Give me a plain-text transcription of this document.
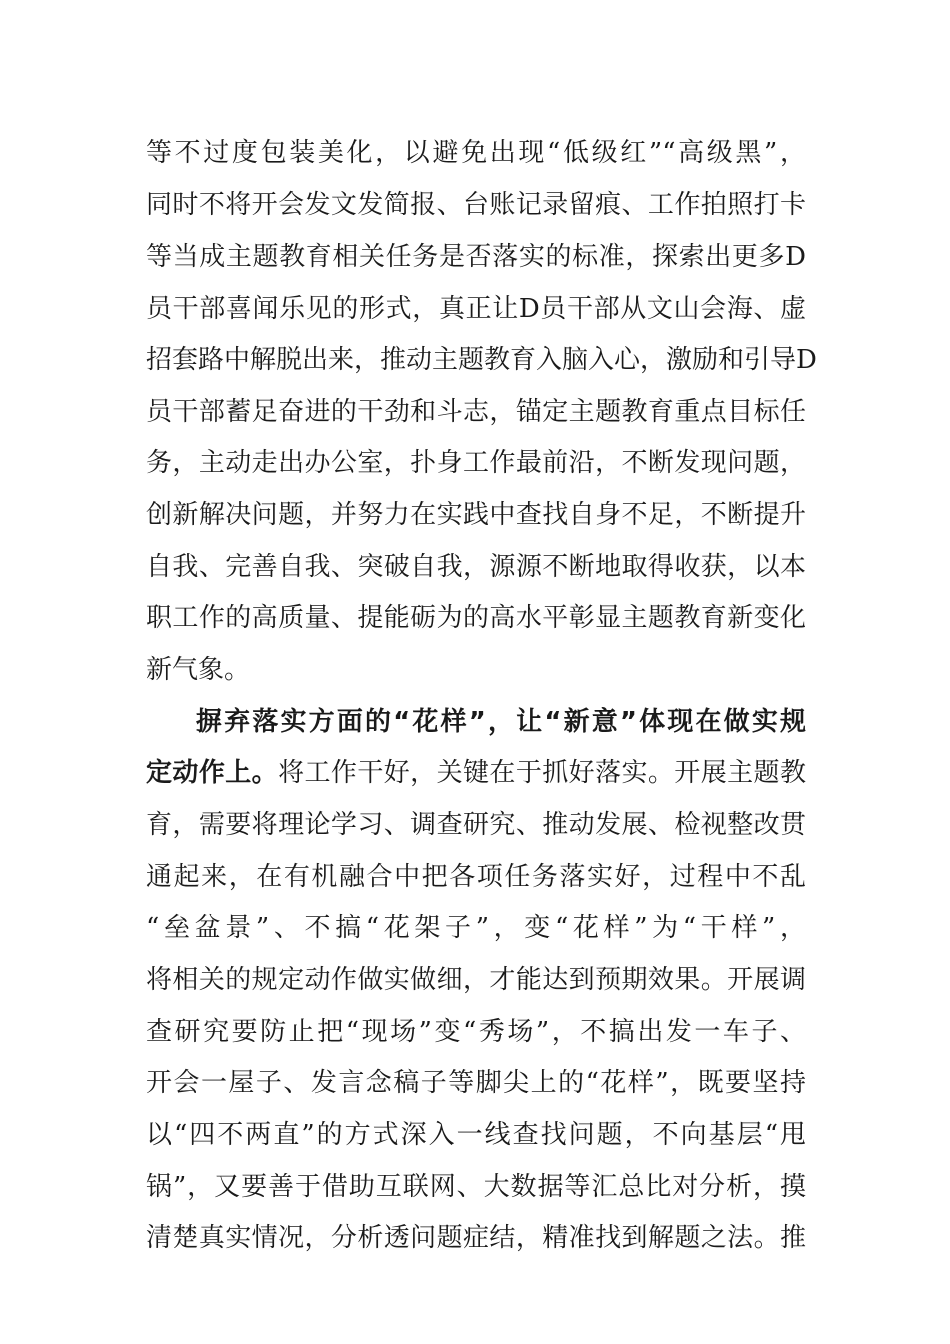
等不过度包装美化，以避免出现“低级红”“高级黑”，
同时不将开会发文发简报、台账记录留痕、工作拍照打卡
等当成主题教育相关任务是否落实的标准，探索出更多D
员干部喜闻乐见的形式，真正让D员干部从文山会海、虚
招套路中解脱出来，推动主题教育入脑入心，激励和引导D
员干部蓄足奋进的干劲和斗志，锚定主题教育重点目标任
务，主动走出办公室，扑身工作最前沿，不断发现问题，
创新解决问题，并努力在实践中查找自身不足，不断提升
自我、完善自我、突破自我，源源不断地取得收获，以本
职工作的高质量、提能砺为的高水平彰显主题教育新变化
新气象。
摒弃落实方面的“花样”，让“新意”体现在做实规
定动作上。将工作干好，关键在于抓好落实。开展主题教
育，需要将理论学习、调查研究、推动发展、检视整改贯
通起来，在有机融合中把各项任务落实好，过程中不乱
“垒盆景”、不搞“花架子”，变“花样”为“干样”，
将相关的规定动作做实做细，才能达到预期效果。开展调
查研究要防止把“现场”变“秀场”，不搞出发一车子、
开会一屋子、发言念稿子等脚尖上的“花样”，既要坚持
以“四不两直”的方式深入一线查找问题，不向基层“甩
锅”，又要善于借助互联网、大数据等汇总比对分析，摸
清楚真实情况，分析透问题症结，精准找到解题之法。推
